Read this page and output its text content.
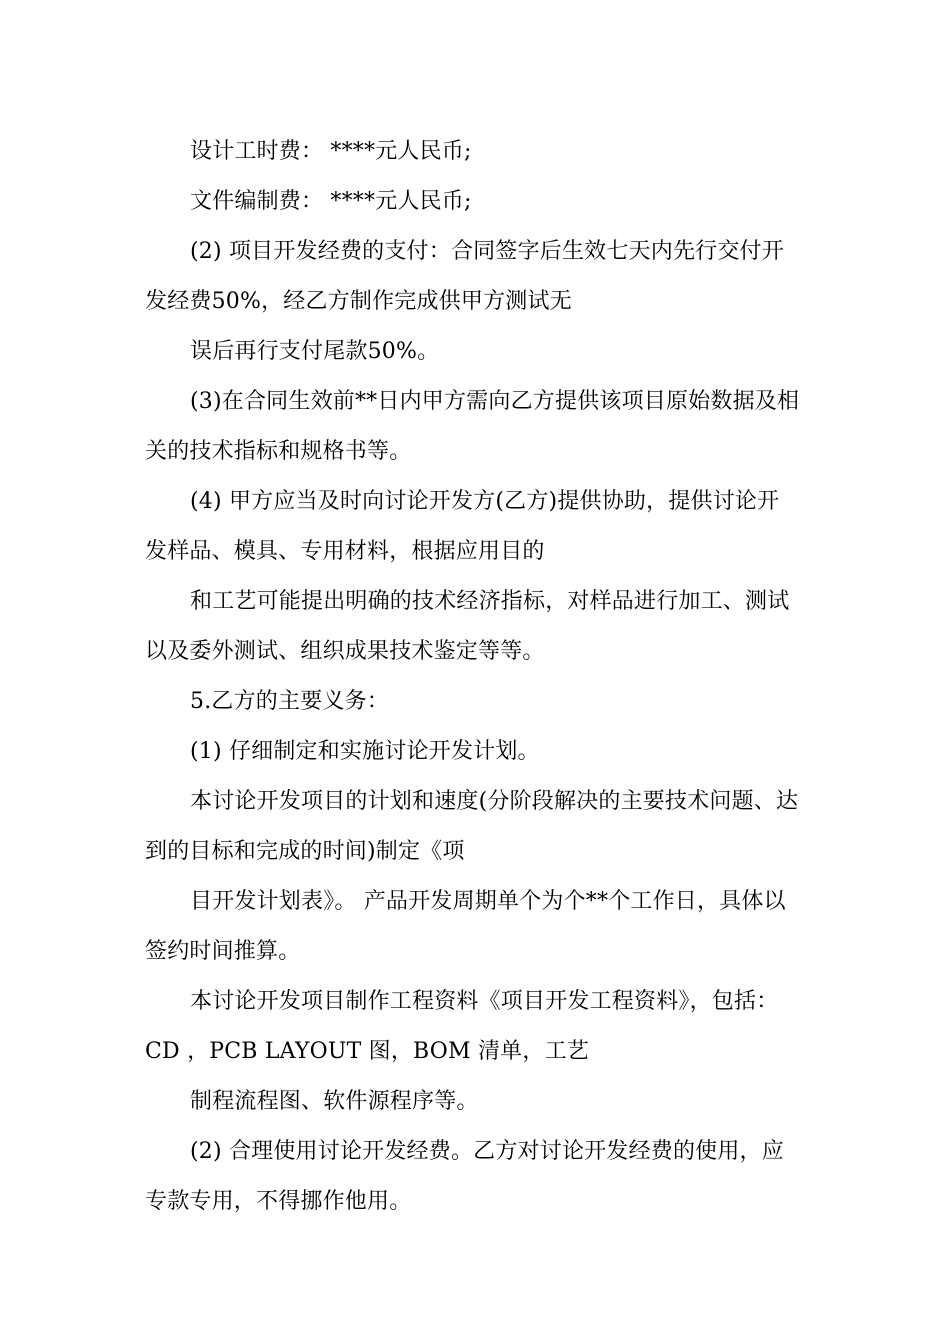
设计工时费： ****元人民币;
文件编制费： ****元人民币;
(2) 项目开发经费的支付：合同签字后生效七天内先行交付开
发经费50%，经乙方制作完成供甲方测试无
误后再行支付尾款50%。
(3)在合同生效前**日内甲方需向乙方提供该项目原始数据及相
关的技术指标和规格书等。
(4) 甲方应当及时向讨论开发方(乙方)提供协助，提供讨论开
发样品、模具、专用材料，根据应用目的
和工艺可能提出明确的技术经济指标，对样品进行加工、测试
以及委外测试、组织成果技术鉴定等等。
5.乙方的主要义务：
(1) 仔细制定和实施讨论开发计划。
本讨论开发项目的计划和速度(分阶段解决的主要技术问题、达
到的目标和完成的时间)制定《项
目开发计划表》。 产品开发周期单个为个**个工作日，具体以
签约时间推算。
本讨论开发项目制作工程资料《项目开发工程资料》，包括：
CD ，PCB LAYOUT 图，BOM 清单，工艺
制程流程图、软件源程序等。
(2) 合理使用讨论开发经费。乙方对讨论开发经费的使用，应
专款专用，不得挪作他用。
